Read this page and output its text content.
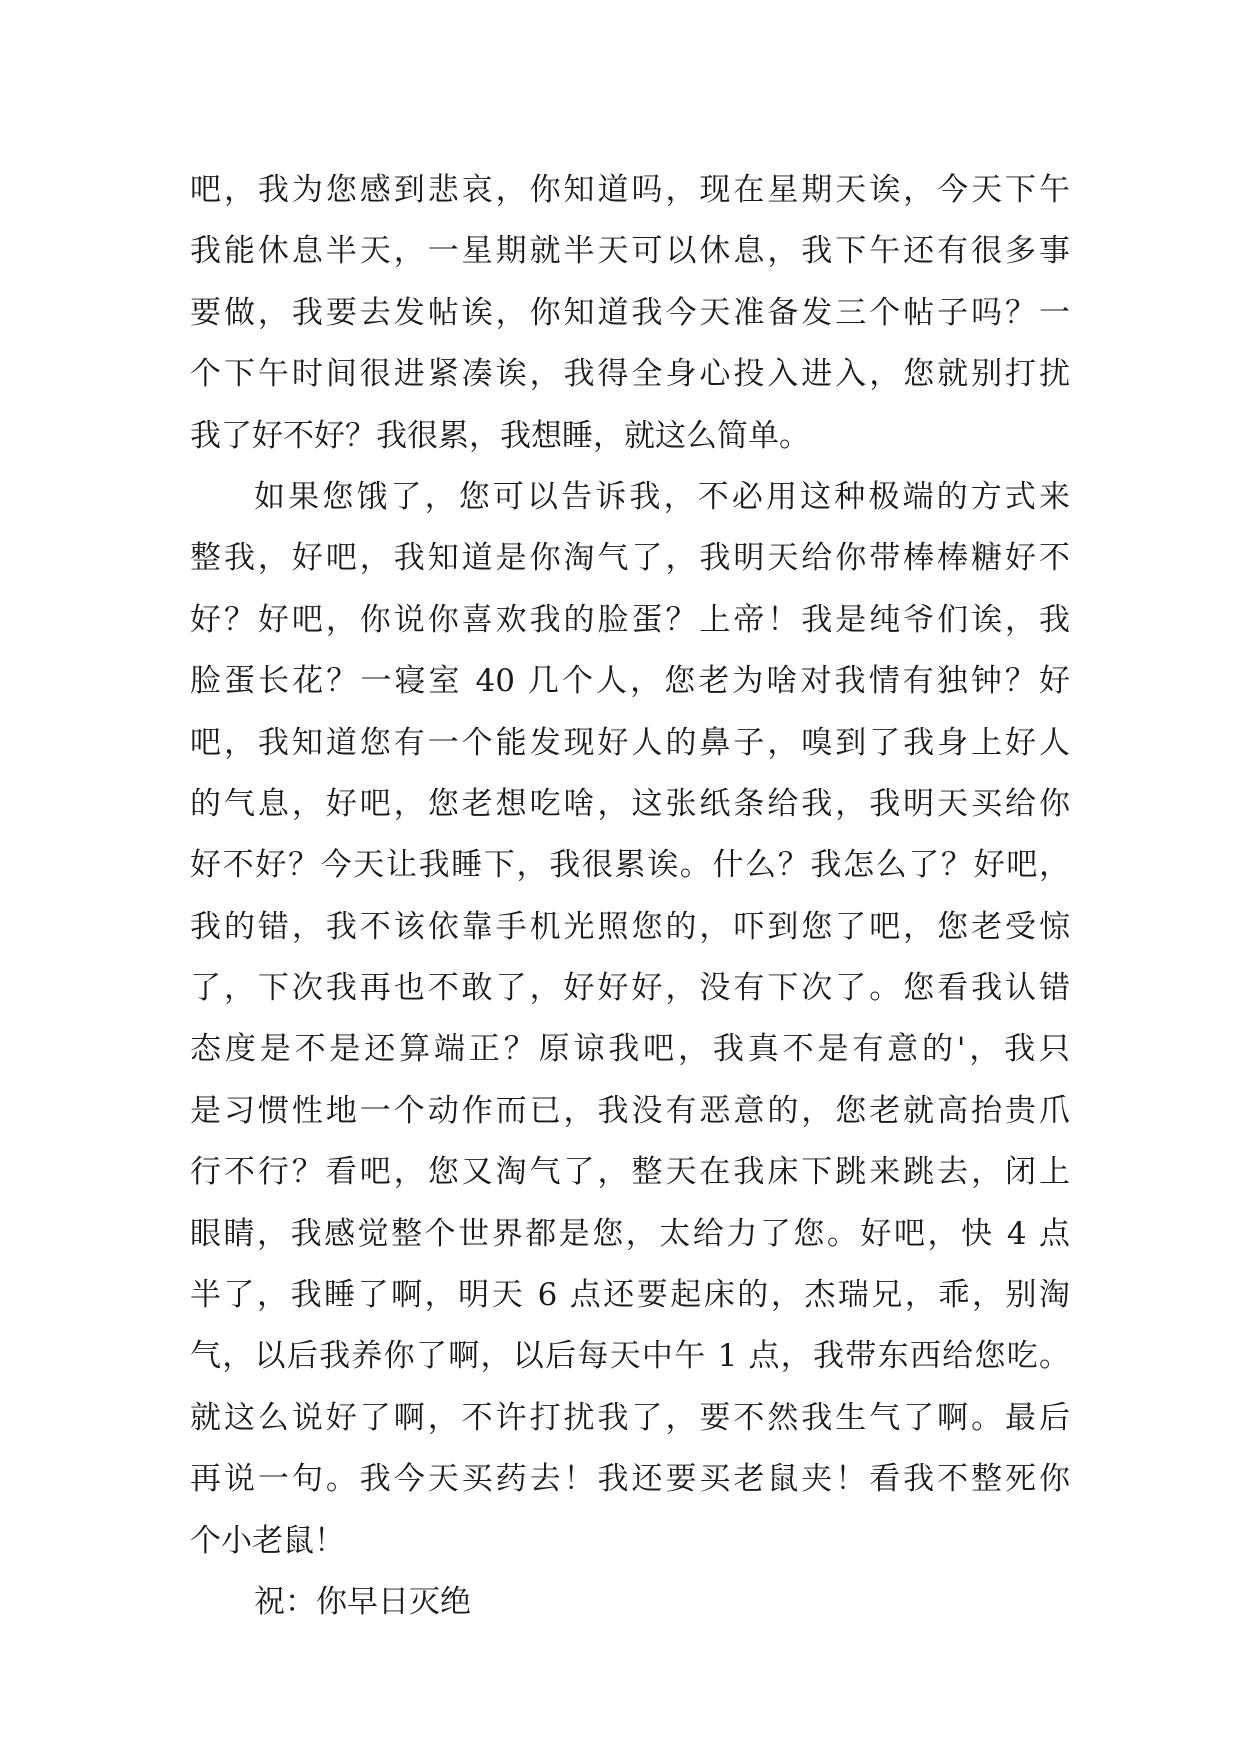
吧，我为您感到悲哀，你知道吗，现在星期天诶，今天下午
我能休息半天，一星期就半天可以休息，我下午还有很多事
要做，我要去发帖诶，你知道我今天准备发三个帖子吗？一
个下午时间很进紧凑诶，我得全身心投入进入，您就别打扰
我了好不好？我很累，我想睡，就这么简单。
如果您饿了，您可以告诉我，不必用这种极端的方式来
整我，好吧，我知道是你淘气了，我明天给你带棒棒糖好不
好？好吧，你说你喜欢我的脸蛋？上帝！我是纯爷们诶，我
脸蛋长花？一寝室 40 几个人，您老为啥对我情有独钟？好
吧，我知道您有一个能发现好人的鼻子，嗅到了我身上好人
的气息，好吧，您老想吃啥，这张纸条给我，我明天买给你
好不好？今天让我睡下，我很累诶。什么？我怎么了？好吧，
我的错，我不该依靠手机光照您的，吓到您了吧，您老受惊
了，下次我再也不敢了，好好好，没有下次了。您看我认错
态度是不是还算端正？原谅我吧，我真不是有意的'，我只
是习惯性地一个动作而已，我没有恶意的，您老就高抬贵爪
行不行？看吧，您又淘气了，整天在我床下跳来跳去，闭上
眼睛，我感觉整个世界都是您，太给力了您。好吧，快 4 点
半了，我睡了啊，明天 6 点还要起床的，杰瑞兄，乖，别淘
气，以后我养你了啊，以后每天中午 1 点，我带东西给您吃。
就这么说好了啊，不许打扰我了，要不然我生气了啊。最后
再说一句。我今天买药去！我还要买老鼠夹！看我不整死你
个小老鼠！
祝：你早日灭绝
